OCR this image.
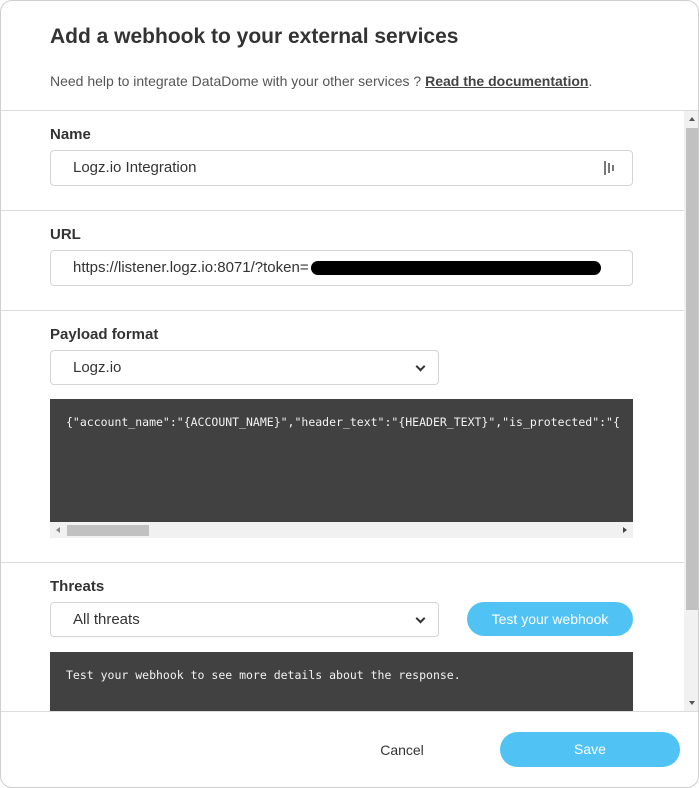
Add a webhook to your external services
Need help to integrate DataDome with your other services ? Read the documentation.
Name
Logz.io Integration
URL
https://listener.logz.io:8071/?token=
Payload format
Logz.io
{"account_name":"{ACCOUNT_NAME}","header_text":"{HEADER_TEXT}","is_protected":"{
Threats
All threats	Test your webhook
Test your webhook to see more details about the response.
Cancel	Save
